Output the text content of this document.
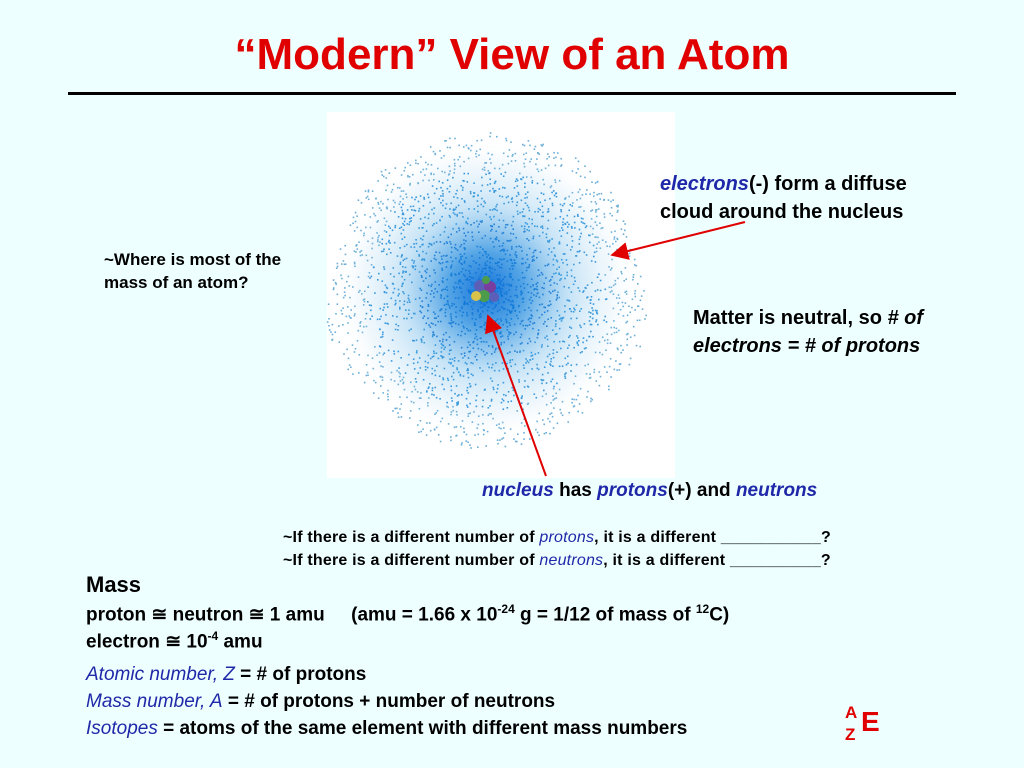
“Modern” View of an Atom
electrons(-) form a diffuse
cloud around the nucleus
~Where is most of the
mass of an atom?
Matter is neutral, so # of
electrons = # of protons
nucleus has protons(+) and neutrons
~If there is a different number of protons, it is a different ___________?
~If there is a different number of neutrons, it is a different __________?
Mass
proton ≅ neutron ≅ 1 amu     (amu = 1.66 x $10^{-24}$ g = 1/12 of mass of $^{12}$C)
electron ≅ $10^{-4}$ amu
Atomic number, Z = # of protons
Mass number, A = # of protons + number of neutrons
Isotopes = atoms of the same element with different mass numbers
A
Z E
